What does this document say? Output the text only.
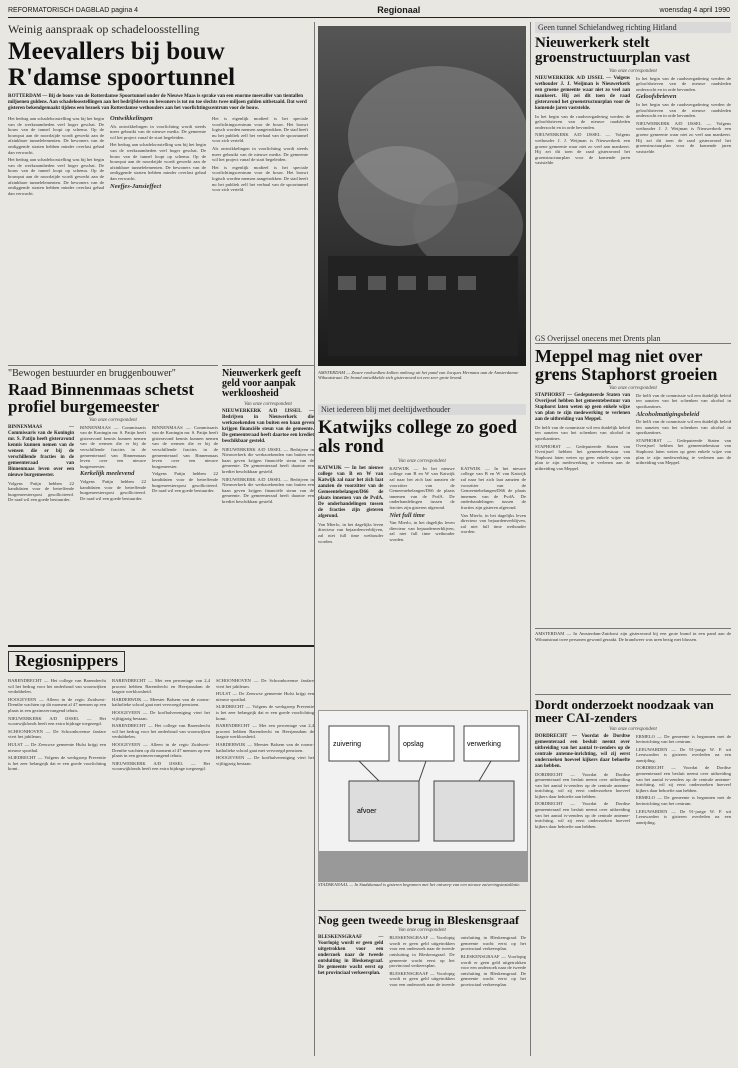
REFORMATORISCH DAGBLAD pagina 4	Regionaal	woensdag 4 april 1990
Weinig aanspraak op schadeloosstelling
Meevallers bij bouw R'damse spoortunnel
ROTTERDAM — Bij de bouw van de Rotterdamse Spoortunnel onder de Nieuwe Maas is sprake van een enorme meevaller van tientallen miljoenen guldens. Aan schadeloosstellingen aan het bedrijfsleven en bewoners is tot nu toe slechts twee miljoen gulden uitbetaald. Dat werd gisteren bekendgemaakt tijdens een bezoek van Rotterdamse wethouders aan het voorlichtingscentrum voor de bouw.

Het bedrag aan schadeloosstelling was bij het begin van de werkzaamheden veel hoger geschat. De bouw van de tunnel loopt op schema. Op de bouwput aan de noordzijde wordt gewerkt aan de afzinkbare tunnelelementen. De bewoners van de omliggende straten hebben minder overlast gehad dan verwacht.

Het bedrag aan schadeloosstelling was bij het begin van de werkzaamheden veel hoger geschat. De bouw van de tunnel loopt op schema. Op de bouwput aan de noordzijde wordt gewerkt aan de afzinkbare tunnelelementen. De bewoners van de omliggende straten hebben minder overlast gehad dan verwacht.

Ontwikkelingen

Als ontwikkelingen in voorlichting wordt steeds meer gebruikt van de nieuwe media. De gemeente wil het project vanaf de start begeleiden.

Het bedrag aan schadeloosstelling was bij het begin van de werkzaamheden veel hoger geschat. De bouw van de tunnel loopt op schema. Op de bouwput aan de noordzijde wordt gewerkt aan de afzinkbare tunnelelementen. De bewoners van de omliggende straten hebben minder overlast gehad dan verwacht.

Neefjes-Jansieffect

Het is eigenlijk modieel is het speciale voorlichtingscentrum voor de bouw. Het bouwt logisch worden mensen aangetrokken. De stad heeft nu het publiek zelf het verhaal van de spoortunnel voor zich verteld.

Als ontwikkelingen in voorlichting wordt steeds meer gebruikt van de nieuwe media. De gemeente wil het project vanaf de start begeleiden.

Het is eigenlijk modieel is het speciale voorlichtingscentrum voor de bouw. Het bouwt logisch worden mensen aangetrokken. De stad heeft nu het publiek zelf het verhaal van de spoortunnel voor zich verteld.

AMSTERDAM — Zware rookwolken kolken omhoog uit het pand van Jacques Hermans aan de Amsterdamse Wibautstraat. De brand ontwikkelde zich gisteravond tot een zeer grote brand.
Geen tunnel Schielandweg richting Hitland
Nieuwerkerk stelt groenstructuurplan vast
Van onze correspondent

NIEUWERKERK A/D IJSSEL — Volgens wethouder J. J. Weijman is Nieuwerkerk een groene gemeente waar niet zo veel aan mankeert. Hij zei dit toen de raad gisteravond het groenstructuurplan voor de komende jaren vaststelde.

In het begin van de raadsvergadering werden de geloofsbrieven van de nieuwe raadsleden onderzocht en in orde bevonden.

NIEUWERKERK A/D IJSSEL — Volgens wethouder J. J. Weijman is Nieuwerkerk een groene gemeente waar niet zo veel aan mankeert. Hij zei dit toen de raad gisteravond het groenstructuurplan voor de komende jaren vaststelde.

In het begin van de raadsvergadering werden de geloofsbrieven van de nieuwe raadsleden onderzocht en in orde bevonden.

Geloofsbrieven

In het begin van de raadsvergadering werden de geloofsbrieven van de nieuwe raadsleden onderzocht en in orde bevonden.

NIEUWERKERK A/D IJSSEL — Volgens wethouder J. J. Weijman is Nieuwerkerk een groene gemeente waar niet zo veel aan mankeert. Hij zei dit toen de raad gisteravond het groenstructuurplan voor de komende jaren vaststelde.

GS Overijssel onecens met Drents plan
Meppel mag niet over grens Staphorst groeien
Van onze correspondent

STAPHORST — Gedeputeerde Staten van Overijssel hebben het gemeentebestuur van Staphorst laten weten op geen enkele wijze van plan te zijn medewerking te verlenen aan de uitbreiding van Meppel.

De helft van de commissie wil een duidelijk beleid ten aanzien van het schenken van alcohol in sportkantines.

STAPHORST — Gedeputeerde Staten van Overijssel hebben het gemeentebestuur van Staphorst laten weten op geen enkele wijze van plan te zijn medewerking te verlenen aan de uitbreiding van Meppel.

De helft van de commissie wil een duidelijk beleid ten aanzien van het schenken van alcohol in sportkantines.

Alcoholmatigingsbeleid

De helft van de commissie wil een duidelijk beleid ten aanzien van het schenken van alcohol in sportkantines.

STAPHORST — Gedeputeerde Staten van Overijssel hebben het gemeentebestuur van Staphorst laten weten op geen enkele wijze van plan te zijn medewerking te verlenen aan de uitbreiding van Meppel.

AMSTERDAM — In Amsterdam-Zuidoost zijn gisteravond bij een grote brand in een pand aan de Wibautstraat twee personen gewond geraakt. De brandweer was uren bezig met blussen.
"Bewogen bestuurder en bruggenbouwer"
Raad Binnenmaas schetst profiel burgemeester
Van onze correspondent

BINNENMAAS — Commissaris van de Koningin mr. S. Patijn heeft gisteravond kennis kunnen nemen van de wensen die er bij de verschillende fracties in de gemeenteraad van Binnenmaas leven over een nieuwe burgemeester.

Volgens Patijn hebben 22 kandidaten voor de betreffende burgemeesterspost gesolliciteerd. De raad wil een goede bestuurder.

BINNENMAAS — Commissaris van de Koningin mr. S. Patijn heeft gisteravond kennis kunnen nemen van de wensen die er bij de verschillende fracties in de gemeenteraad van Binnenmaas leven over een nieuwe burgemeester.

Kerkelijk meelevend

Volgens Patijn hebben 22 kandidaten voor de betreffende burgemeesterspost gesolliciteerd. De raad wil een goede bestuurder.

BINNENMAAS — Commissaris van de Koningin mr. S. Patijn heeft gisteravond kennis kunnen nemen van de wensen die er bij de verschillende fracties in de gemeenteraad van Binnenmaas leven over een nieuwe burgemeester.

Volgens Patijn hebben 22 kandidaten voor de betreffende burgemeesterspost gesolliciteerd. De raad wil een goede bestuurder.

Nieuwerkerk geeft geld voor aanpak werkloosheid
Van onze correspondent

NIEUWERKERK A/D IJSSEL — Bedrijven in Nieuwerkerk die werkzoekenden van buiten een baan geven krijgen financiële steun van de gemeente. De gemeenteraad heeft daartoe een krediet beschikbaar gesteld.

NIEUWERKERK A/D IJSSEL — Bedrijven in Nieuwerkerk die werkzoekenden van buiten een baan geven krijgen financiële steun van de gemeente. De gemeenteraad heeft daartoe een krediet beschikbaar gesteld.

NIEUWERKERK A/D IJSSEL — Bedrijven in Nieuwerkerk die werkzoekenden van buiten een baan geven krijgen financiële steun van de gemeente. De gemeenteraad heeft daartoe een krediet beschikbaar gesteld.

Niet iedereen blij met deeltijdwethouder
Katwijks college zo goed als rond
Van onze correspondent

KATWIJK — In het nieuwe college van B en W van Katwijk zal naar het zich laat aanzien de voorzitter van de Gemeentebelangen/D66 de plaats innemen van de PvdA. De onderhandelingen tussen de fracties zijn gisteren afgerond.

Van Mierlo, in het dagelijks leven directeur van bejaardenverblijven, zal niet full time wethouder worden.

KATWIJK — In het nieuwe college van B en W van Katwijk zal naar het zich laat aanzien de voorzitter van de Gemeentebelangen/D66 de plaats innemen van de PvdA. De onderhandelingen tussen de fracties zijn gisteren afgerond.

Niet full time

Van Mierlo, in het dagelijks leven directeur van bejaardenverblijven, zal niet full time wethouder worden.

KATWIJK — In het nieuwe college van B en W van Katwijk zal naar het zich laat aanzien de voorzitter van de Gemeentebelangen/D66 de plaats innemen van de PvdA. De onderhandelingen tussen de fracties zijn gisteren afgerond.

Van Mierlo, in het dagelijks leven directeur van bejaardenverblijven, zal niet full time wethouder worden.

Regiosnippers

BARENDRECHT — Het college van Barendrecht wil het bedrag voor het onderhoud van woonwijken verdubbelen.

HOOGEVEEN — Alleen in de regio Zuidwest-Drenthe wachten op dit moment al 47 mensen op een plaats in een gezinsvervangend tehuis.

NIEUWERKERK A/D IJSSEL — Het woonwijkfonds heeft een extra bijdrage toegezegd.

SCHOONHOVEN — De Schoonhovense fanfare viert het jubileum.

HULST — De Zeeuwse gemeente Hulst krijgt een nieuwe sporthal.

SLIEDRECHT — Volgens de werkgroep Preventie is het zeer belangrijk dat er een goede voorlichting komt.

BARENDRECHT — Met een percentage van 2,4 procent hebben Barendrecht en Heerjansdam de laagste werkloosheid.

HARDERWIJK — Meester Balsem van de rooms-katholieke school gaat met vervroegd pensioen.

HOOGEVEEN — De korfbalvereniging viert het vijftigjarig bestaan.

BARENDRECHT — Het college van Barendrecht wil het bedrag voor het onderhoud van woonwijken verdubbelen.

HOOGEVEEN — Alleen in de regio Zuidwest-Drenthe wachten op dit moment al 47 mensen op een plaats in een gezinsvervangend tehuis.

NIEUWERKERK A/D IJSSEL — Het woonwijkfonds heeft een extra bijdrage toegezegd.

SCHOONHOVEN — De Schoonhovense fanfare viert het jubileum.

HULST — De Zeeuwse gemeente Hulst krijgt een nieuwe sporthal.

SLIEDRECHT — Volgens de werkgroep Preventie is het zeer belangrijk dat er een goede voorlichting komt.

BARENDRECHT — Met een percentage van 2,4 procent hebben Barendrecht en Heerjansdam de laagste werkloosheid.

HARDERWIJK — Meester Balsem van de rooms-katholieke school gaat met vervroegd pensioen.

HOOGEVEEN — De korfbalvereniging viert het vijftigjarig bestaan.

zuivering	opslag	verwerking
afvoer
STADSKANAAL — In Stadskanaal is gisteren begonnen met het ontwerp van een nieuwe zuiveringsinstallatie.
Nog geen tweede brug in Bleskensgraaf
Van onze correspondent

BLESKENSGRAAF — Voorlopig wordt er geen geld uitgetrokken voor een onderzoek naar de tweede ontsluiting in Bleskensgraaf. De gemeente wacht eerst op het provinciaal verkeersplan.

BLESKENSGRAAF — Voorlopig wordt er geen geld uitgetrokken voor een onderzoek naar de tweede ontsluiting in Bleskensgraaf. De gemeente wacht eerst op het provinciaal verkeersplan.

BLESKENSGRAAF — Voorlopig wordt er geen geld uitgetrokken voor een onderzoek naar de tweede ontsluiting in Bleskensgraaf. De gemeente wacht eerst op het provinciaal verkeersplan.

BLESKENSGRAAF — Voorlopig wordt er geen geld uitgetrokken voor een onderzoek naar de tweede ontsluiting in Bleskensgraaf. De gemeente wacht eerst op het provinciaal verkeersplan.

Dordt onderzoekt noodzaak van meer CAI-zenders
Van onze correspondent

DORDRECHT — Voordat de Dordtse gemeenteraad een besluit neemt over uitbreiding van het aantal tv-zenders op de centrale antenne-inrichting, wil zij eerst onderzoeken hoeveel kijkers daar behoefte aan hebben.

DORDRECHT — Voordat de Dordtse gemeenteraad een besluit neemt over uitbreiding van het aantal tv-zenders op de centrale antenne-inrichting, wil zij eerst onderzoeken hoeveel kijkers daar behoefte aan hebben.

DORDRECHT — Voordat de Dordtse gemeenteraad een besluit neemt over uitbreiding van het aantal tv-zenders op de centrale antenne-inrichting, wil zij eerst onderzoeken hoeveel kijkers daar behoefte aan hebben.

ERMELO — De gemeente is begonnen met de herinrichting van het centrum.

LEEUWARDEN — De 91-jarige W. F. uit Leeuwarden is gisteren overleden na een aanrijding.

DORDRECHT — Voordat de Dordtse gemeenteraad een besluit neemt over uitbreiding van het aantal tv-zenders op de centrale antenne-inrichting, wil zij eerst onderzoeken hoeveel kijkers daar behoefte aan hebben.

ERMELO — De gemeente is begonnen met de herinrichting van het centrum.

LEEUWARDEN — De 91-jarige W. F. uit Leeuwarden is gisteren overleden na een aanrijding.
